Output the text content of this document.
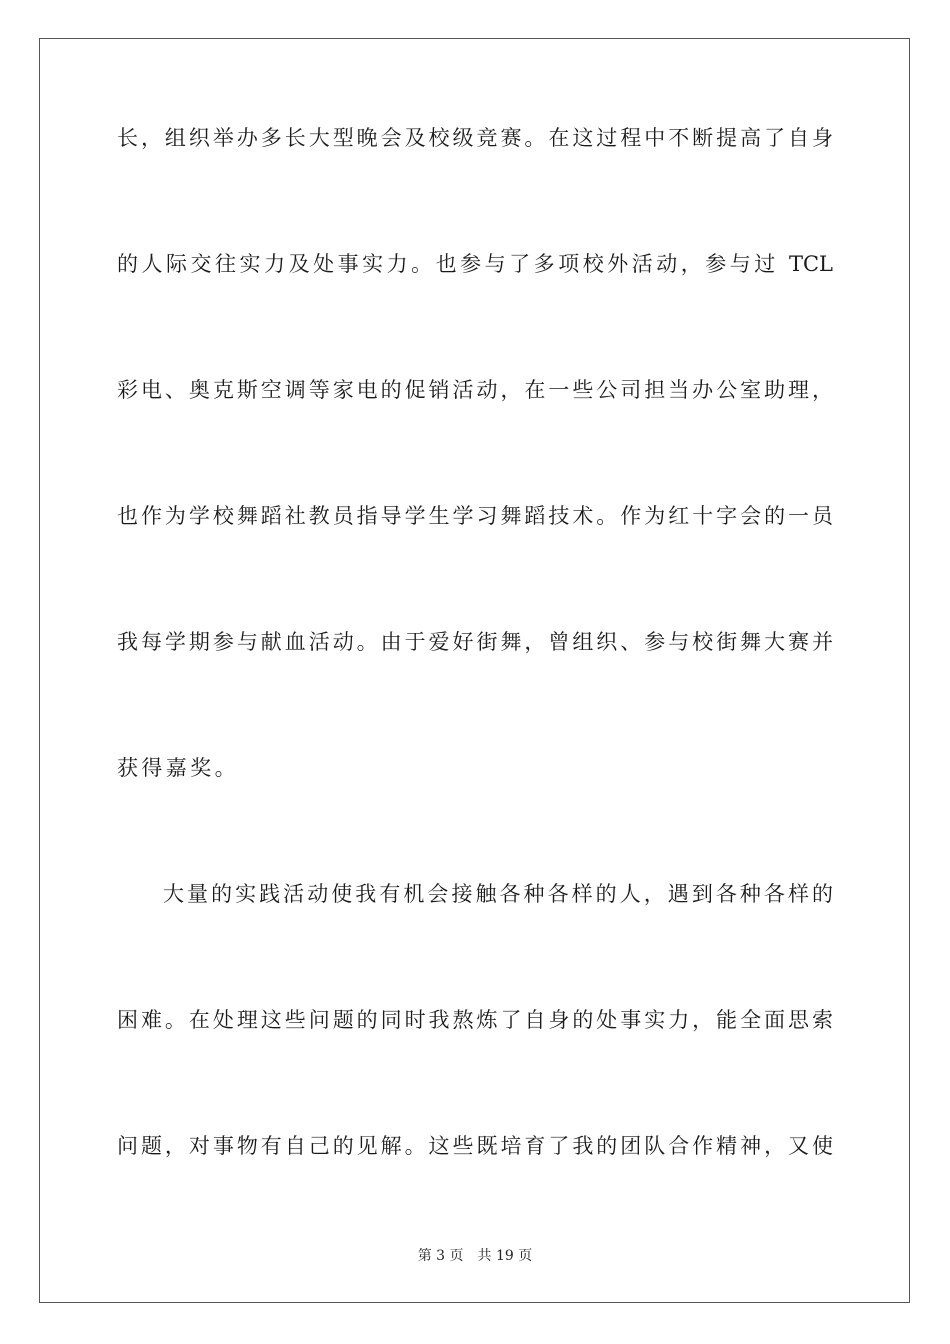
长，组织举办多长大型晚会及校级竞赛。在这过程中不断提高了自身
的人际交往实力及处事实力。也参与了多项校外活动，参与过 TCL
彩电、奥克斯空调等家电的促销活动，在一些公司担当办公室助理，
也作为学校舞蹈社教员指导学生学习舞蹈技术。作为红十字会的一员
我每学期参与献血活动。由于爱好街舞，曾组织、参与校街舞大赛并
获得嘉奖。
大量的实践活动使我有机会接触各种各样的人，遇到各种各样的
困难。在处理这些问题的同时我熬炼了自身的处事实力，能全面思索
问题，对事物有自己的见解。这些既培育了我的团队合作精神，又使
第 3 页 共 19 页
